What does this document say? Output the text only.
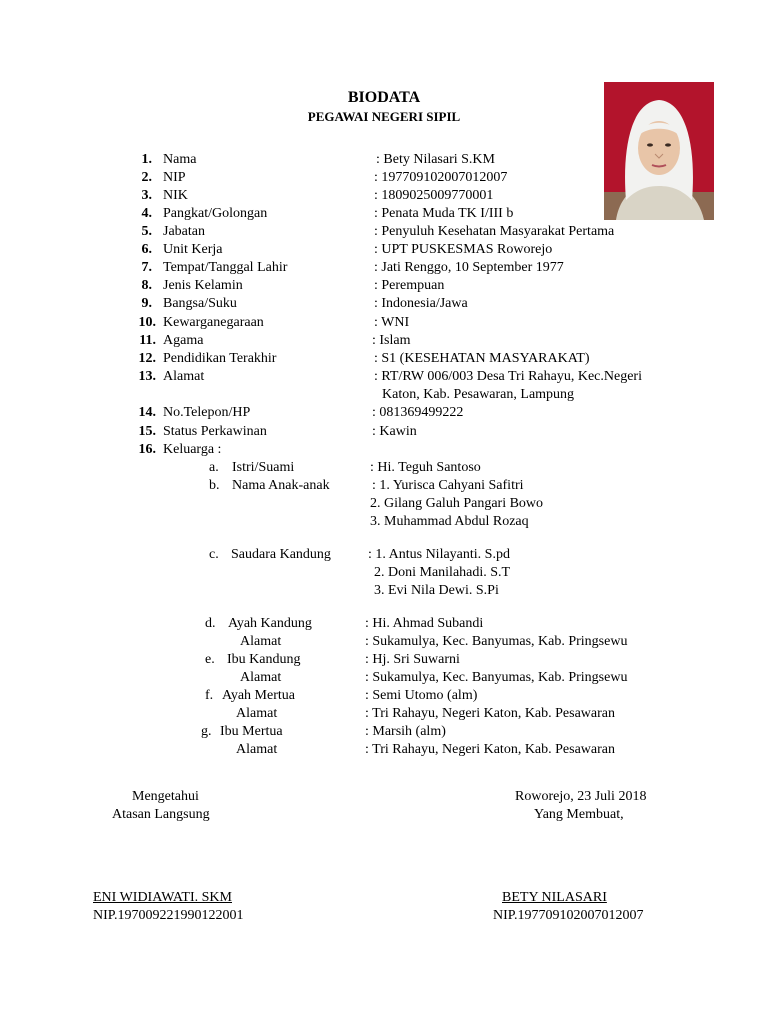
BIODATA
PEGAWAI NEGERI SIPIL
1. Nama	: Bety Nilasari S.KM
2. NIP	: 197709102007012007
3. NIK	: 1809025009770001
4. Pangkat/Golongan	: Penata Muda TK I/III b
5. Jabatan	: Penyuluh Kesehatan Masyarakat Pertama
6. Unit Kerja	: UPT PUSKESMAS Roworejo
7. Tempat/Tanggal Lahir	: Jati Renggo, 10 September 1977
8. Jenis Kelamin	: Perempuan
9. Bangsa/Suku	: Indonesia/Jawa
10. Kewarganegaraan	: WNI
11. Agama	: Islam
12. Pendidikan Terakhir	: S1 (KESEHATAN MASYARAKAT)
13. Alamat	: RT/RW 006/003 Desa Tri Rahayu, Kec.Negeri
Katon, Kab. Pesawaran, Lampung
14. No.Telepon/HP	: 081369499222
15. Status Perkawinan	: Kawin
16. Keluarga :
a. Istri/Suami	: Hi. Teguh Santoso
b. Nama Anak-anak	: 1. Yurisca Cahyani Safitri
2. Gilang Galuh Pangari Bowo
3. Muhammad Abdul Rozaq
c. Saudara Kandung	: 1. Antus Nilayanti. S.pd
2. Doni Manilahadi. S.T
3. Evi Nila Dewi. S.Pi
d. Ayah Kandung	: Hi. Ahmad Subandi
Alamat	: Sukamulya, Kec. Banyumas, Kab. Pringsewu
e. Ibu Kandung	: Hj. Sri Suwarni
Alamat	: Sukamulya, Kec. Banyumas, Kab. Pringsewu
f. Ayah Mertua	: Semi Utomo (alm)
Alamat	: Tri Rahayu, Negeri Katon, Kab. Pesawaran
g. Ibu Mertua	: Marsih (alm)
Alamat	: Tri Rahayu, Negeri Katon, Kab. Pesawaran
Mengetahui
Atasan Langsung
ENI WIDIAWATI. SKM
NIP.197009221990122001
Roworejo, 23 Juli 2018
Yang Membuat,
BETY NILASARI
NIP.197709102007012007
